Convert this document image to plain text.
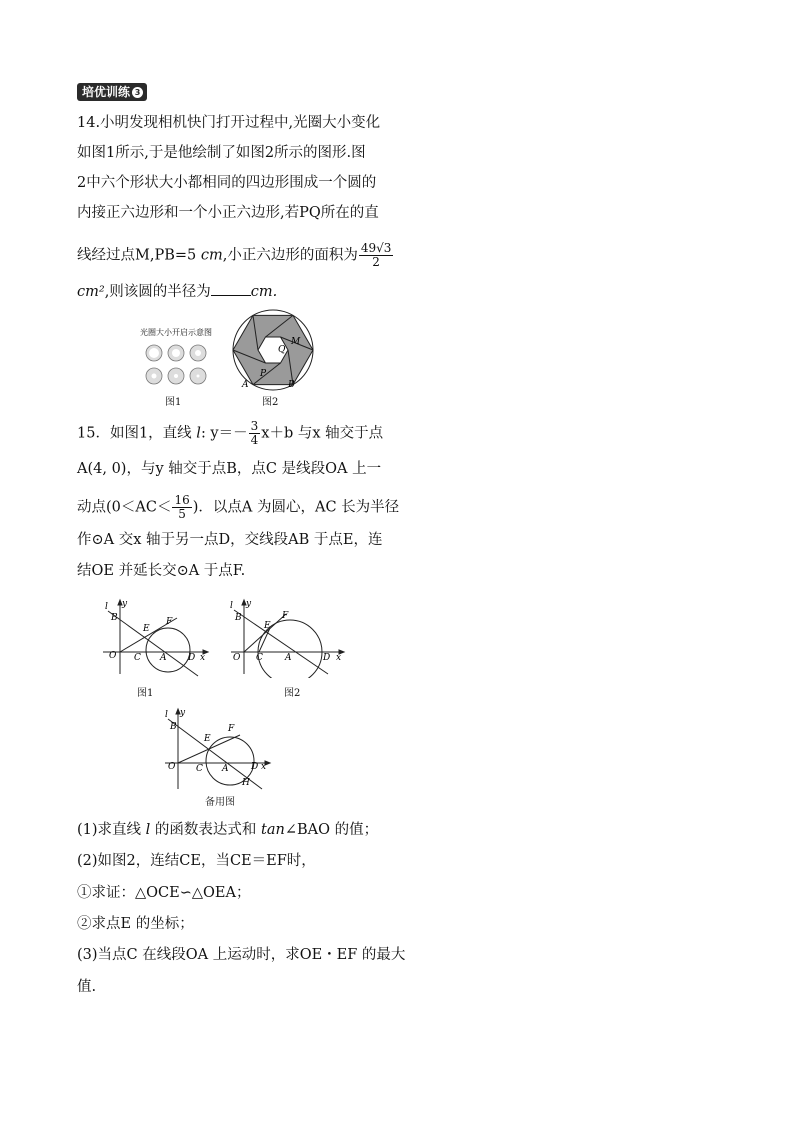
培优训练 3
14.小明发现相机快门打开过程中,光圈大小变化
如图1所示,于是他绘制了如图2所示的图形.图
2中六个形状大小都相同的四边形围成一个圆的
内接正六边形和一个小正六边形,若PQ所在的直
线经过点M,PB=5 cm,小正六边形的面积为 $\frac{49√3}{2}$
cm²,则该圆的半径为	cm.
光圈大小开启示意图
图1
A	B
P
Q
M
图2
15．如图1，直线 l: $y=- \frac{3}{4} x+b$ 与x 轴交于点
A(4, 0)，与y 轴交于点B，点C 是线段OA 上一
动点($0<AC< \frac{16}{5}$ )．以点A 为圆心，AC 长为半径
作⊙A 交x 轴于另一点D，交线段AB 于点E，连
结OE 并延长交⊙A 于点F.
l y
B
E
F
O C A D x
图1
l y
B
E
F
O C A	D x
图2
l y
B
E
F
O C A	D x
H
备用图
(1)求直线 l 的函数表达式和 tan∠BAO 的值；
(2)如图2，连结CE，当CE＝EF时，
①求证：△OCE∽△OEA；
②求点E 的坐标；
(3)当点C 在线段OA 上运动时，求OE・EF 的最大
值.
